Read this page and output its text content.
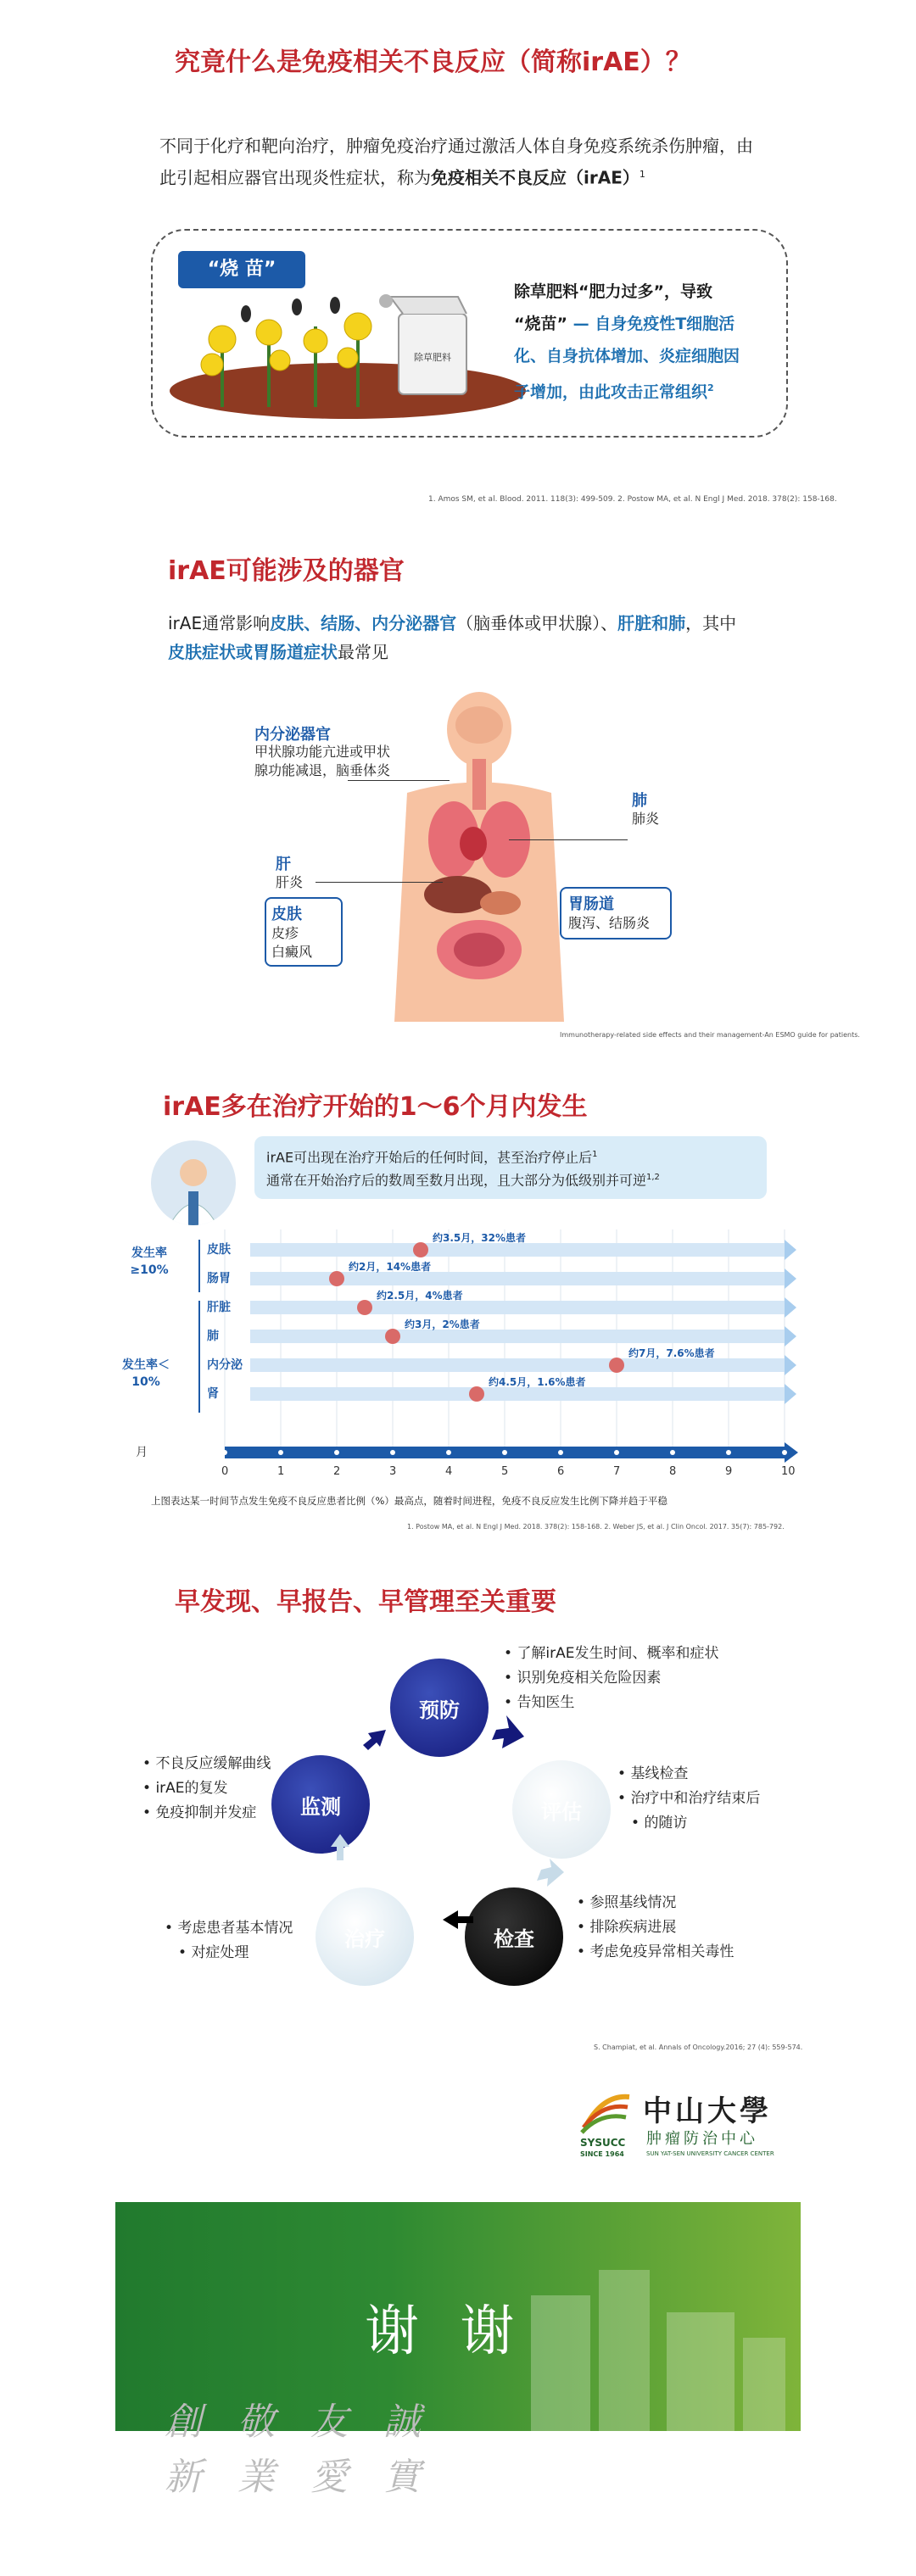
究竟什么是免疫相关不良反应（简称irAE）？
不同于化疗和靶向治疗，肿瘤免疫治疗通过激活人体自身免疫系统杀伤肿瘤，由
此引起相应器官出现炎性症状，称为免疫相关不良反应（irAE）$^1$
“烧 苗”
除草肥料
除草肥料“肥力过多”，导致
“烧苗” — 自身免疫性T细胞活
化、自身抗体增加、炎症细胞因
子增加，由此攻击正常组织$^2$
1. Amos SM, et al. Blood. 2011. 118(3): 499-509. 2. Postow MA, et al. N Engl J Med. 2018. 378(2): 158-168.
irAE可能涉及的器官
irAE通常影响皮肤、结肠、内分泌器官（脑垂体或甲状腺）、肝脏和肺，其中
皮肤症状或胃肠道症状最常见
内分泌器官
甲状腺功能亢进或甲状
腺功能减退，脑垂体炎
肺
肺炎
肝
肝炎
皮肤
皮疹
白癜风
胃肠道
腹泻、结肠炎
Immunotherapy-related side effects and their management-An ESMO guide for patients.
irAE多在治疗开始的1～6个月内发生
irAE可出现在治疗开始后的任何时间，甚至治疗停止后$^1$
通常在开始治疗后的数周至数月出现，且大部分为低级别并可逆$^{1,2}$
皮肤
约3.5月，32%患者
肠胃
约2月，14%患者
肝脏
约2.5月，4%患者
肺
约3月，2%患者
内分泌
约7月，7.6%患者
肾
约4.5月，1.6%患者
0	1	2	3	4	5	6	7	8	9	10
月
发生率≥10%
发生率＜10%
上图表达某一时间节点发生免疫不良反应患者比例（%）最高点，随着时间进程，免疫不良反应发生比例下降并趋于平稳
1. Postow MA, et al. N Engl J Med. 2018. 378(2): 158-168. 2. Weber JS, et al. J Clin Oncol. 2017. 35(7): 785-792.
早发现、早报告、早管理至关重要
预防
评估
检查
治疗
监测
• 了解irAE发生时间、概率和症状
• 识别免疫相关危险因素
• 告知医生
• 基线检查
• 治疗中和治疗结束后
• 的随访
• 参照基线情况
• 排除疾病进展
• 考虑免疫异常相关毒性
• 考虑患者基本情况
• 对症处理
• 不良反应缓解曲线
• irAE的复发
• 免疫抑制并发症
S. Champiat, et al. Annals of Oncology.2016; 27 (4): 559-574.
SYSUCC
SINCE 1964
中山大學
肿瘤防治中心
SUN YAT-SEN UNIVERSITY CANCER CENTER
谢 谢
創 敬 友 誠
新 業 愛 實
